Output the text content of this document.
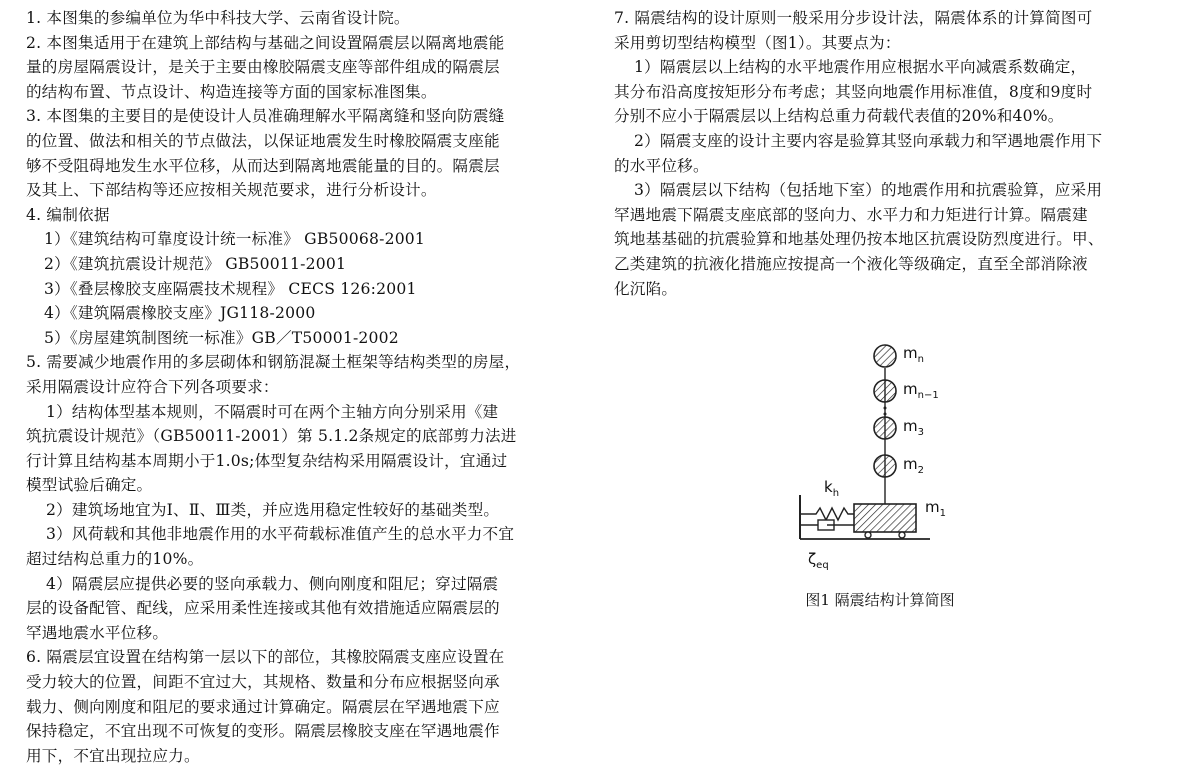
1. 本图集的参编单位为华中科技大学、云南省设计院。
2. 本图集适用于在建筑上部结构与基础之间设置隔震层以隔离地震能
量的房屋隔震设计，是关于主要由橡胶隔震支座等部件组成的隔震层
的结构布置、节点设计、构造连接等方面的国家标准图集。
3. 本图集的主要目的是使设计人员准确理解水平隔离缝和竖向防震缝
的位置、做法和相关的节点做法，以保证地震发生时橡胶隔震支座能
够不受阻碍地发生水平位移，从而达到隔离地震能量的目的。隔震层
及其上、下部结构等还应按相关规范要求，进行分析设计。
4. 编制依据
1）《建筑结构可靠度设计统一标准》 GB50068-2001
2）《建筑抗震设计规范》 GB50011-2001
3）《叠层橡胶支座隔震技术规程》 CECS 126:2001
4）《建筑隔震橡胶支座》JG118-2000
5）《房屋建筑制图统一标准》GB／T50001-2002
5. 需要减少地震作用的多层砌体和钢筋混凝土框架等结构类型的房屋，
采用隔震设计应符合下列各项要求：
1）结构体型基本规则，不隔震时可在两个主轴方向分别采用《建
筑抗震设计规范》（GB50011-2001）第 5.1.2条规定的底部剪力法进
行计算且结构基本周期小于1.0s;体型复杂结构采用隔震设计，宜通过
模型试验后确定。
2）建筑场地宜为Ⅰ、Ⅱ、Ⅲ类，并应选用稳定性较好的基础类型。
3）风荷载和其他非地震作用的水平荷载标准值产生的总水平力不宜
超过结构总重力的10%。
4）隔震层应提供必要的竖向承载力、侧向刚度和阻尼；穿过隔震
层的设备配管、配线，应采用柔性连接或其他有效措施适应隔震层的
罕遇地震水平位移。
6. 隔震层宜设置在结构第一层以下的部位，其橡胶隔震支座应设置在
受力较大的位置，间距不宜过大，其规格、数量和分布应根据竖向承
载力、侧向刚度和阻尼的要求通过计算确定。隔震层在罕遇地震下应
保持稳定，不宜出现不可恢复的变形。隔震层橡胶支座在罕遇地震作
用下，不宜出现拉应力。
7. 隔震结构的设计原则一般采用分步设计法，隔震体系的计算简图可
采用剪切型结构模型（图1）。其要点为：
1）隔震层以上结构的水平地震作用应根据水平向减震系数确定，
其分布沿高度按矩形分布考虑；其竖向地震作用标准值，8度和9度时
分别不应小于隔震层以上结构总重力荷载代表值的20%和40%。
2）隔震支座的设计主要内容是验算其竖向承载力和罕遇地震作用下
的水平位移。
3）隔震层以下结构（包括地下室）的地震作用和抗震验算，应采用
罕遇地震下隔震支座底部的竖向力、水平力和力矩进行计算。隔震建
筑地基基础的抗震验算和地基处理仍按本地区抗震设防烈度进行。甲、
乙类建筑的抗液化措施应按提高一个液化等级确定，直至全部消除液
化沉陷。
$m_n$
$m_{n-1}$
$m_3$
$m_2$
$m_1$
$k_h$
$\zeta_{eq}$
图1 隔震结构计算简图
